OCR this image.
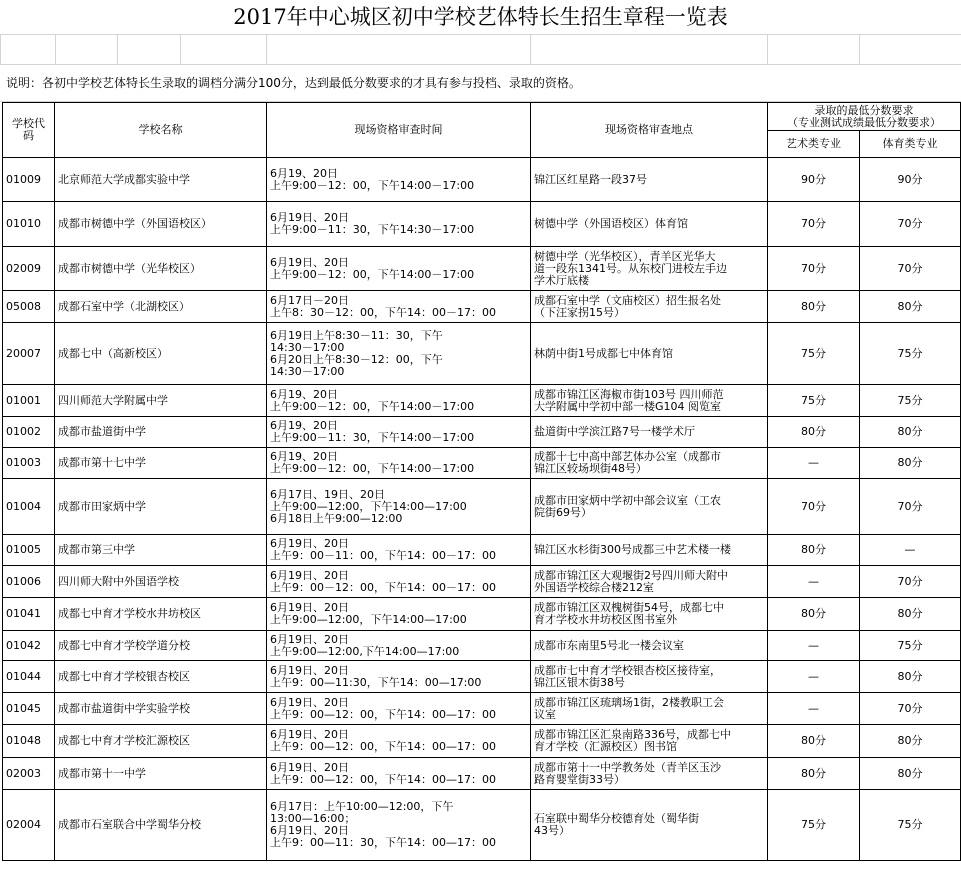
2017年中心城区初中学校艺体特长生招生章程一览表
说明：各初中学校艺体特长生录取的调档分满分100分，达到最低分数要求的才具有参与投档、录取的资格。
学校代
码	学校名称	现场资格审查时间	现场资格审查地点	录取的最低分数要求
（专业测试成绩最低分数要求）	

				艺术类专业	体育类专业
01009	北京师范大学成都实验中学	6月19、20日
上午9:00－12：00，下午14:00－17:00	锦江区红星路一段37号	90分	90分
01010	成都市树德中学（外国语校区）	6月19日、20日
上午9:00－11：30，下午14:30－17:00	树德中学（外国语校区）体育馆	70分	70分
02009	成都市树德中学（光华校区）	6月19日、20日
上午9:00－12：00，下午14:00－17:00	树德中学（光华校区），青羊区光华大
道一段东1341号。从东校门进校左手边
学术厅底楼	70分	70分
05008	成都石室中学（北湖校区）	6月17日－20日
上午8：30－12：00，下午14：00－17：00	成都石室中学（文庙校区）招生报名处
（下汪家拐15号）	80分	80分
20007	成都七中（高新校区）	6月19日上午8:30－11：30，下午
14:30－17:00
6月20日上午8:30－12：00，下午
14:30－17:00	林荫中街1号成都七中体育馆	75分	75分
01001	四川师范大学附属中学	6月19、20日
上午9:00－12：00，下午14:00－17:00	成都市锦江区海椒市街103号 四川师范
大学附属中学初中部一楼G104 阅览室	75分	75分
01002	成都市盐道街中学	6月19、20日
上午9:00－11：30，下午14:00－17:00	盐道街中学滨江路7号一楼学术厅	80分	80分
01003	成都市第十七中学	6月19、20日
上午9:00－12：00，下午14:00－17:00	成都十七中高中部艺体办公室（成都市
锦江区较场坝街48号）	—	80分
01004	成都市田家炳中学	6月17日、19日、20日
上午9:00—12:00，下午14:00—17:00
6月18日上午9:00—12:00	成都市田家炳中学初中部会议室（工农
院街69号）	70分	70分
01005	成都市第三中学	6月19日、20日
上午9：00－11：00，下午14：00－17：00	锦江区水杉街300号成都三中艺术楼一楼	80分	—
01006	四川师大附中外国语学校	6月19日、20日
上午9：00－12：00，下午14：00－17：00	成都市锦江区大观堰街2号四川师大附中
外国语学校综合楼212室	—	70分
01041	成都七中育才学校水井坊校区	6月19日、20日
上午9:00—12:00，下午14:00—17:00	成都市锦江区双槐树街54号，成都七中
育才学校水井坊校区图书室外	80分	80分
01042	成都七中育才学校学道分校	6月19日、20日
上午9:00—12:00,下午14:00—17:00	成都市东南里5号北一楼会议室	—	75分
01044	成都七中育才学校银杏校区	6月19日、20日
上午9：00—11:30，下午14：00—17:00	成都市七中育才学校银杏校区接待室，
锦江区银木街38号	—	80分
01045	成都市盐道街中学实验学校	6月19日、20日
上午9：00—12：00，下午14：00—17：00	成都市锦江区琉璃场1街，2楼教职工会
议室	—	70分
01048	成都七中育才学校汇源校区	6月19日、20日
上午9：00—12：00，下午14：00—17：00	成都市锦江区汇泉南路336号，成都七中
育才学校（汇源校区）图书馆	80分	80分
02003	成都市第十一中学	6月19日、20日
上午9：00—12：00，下午14：00—17：00	成都市第十一中学教务处（青羊区玉沙
路育婴堂街33号）	80分	80分
02004	成都市石室联合中学蜀华分校	6月17日：上午10:00—12:00，下午
13:00—16:00；
6月19日、20日
上午9：00—11：30，下午14：00—17：00	石室联中蜀华分校德育处（蜀华街
43号）	75分	75分
